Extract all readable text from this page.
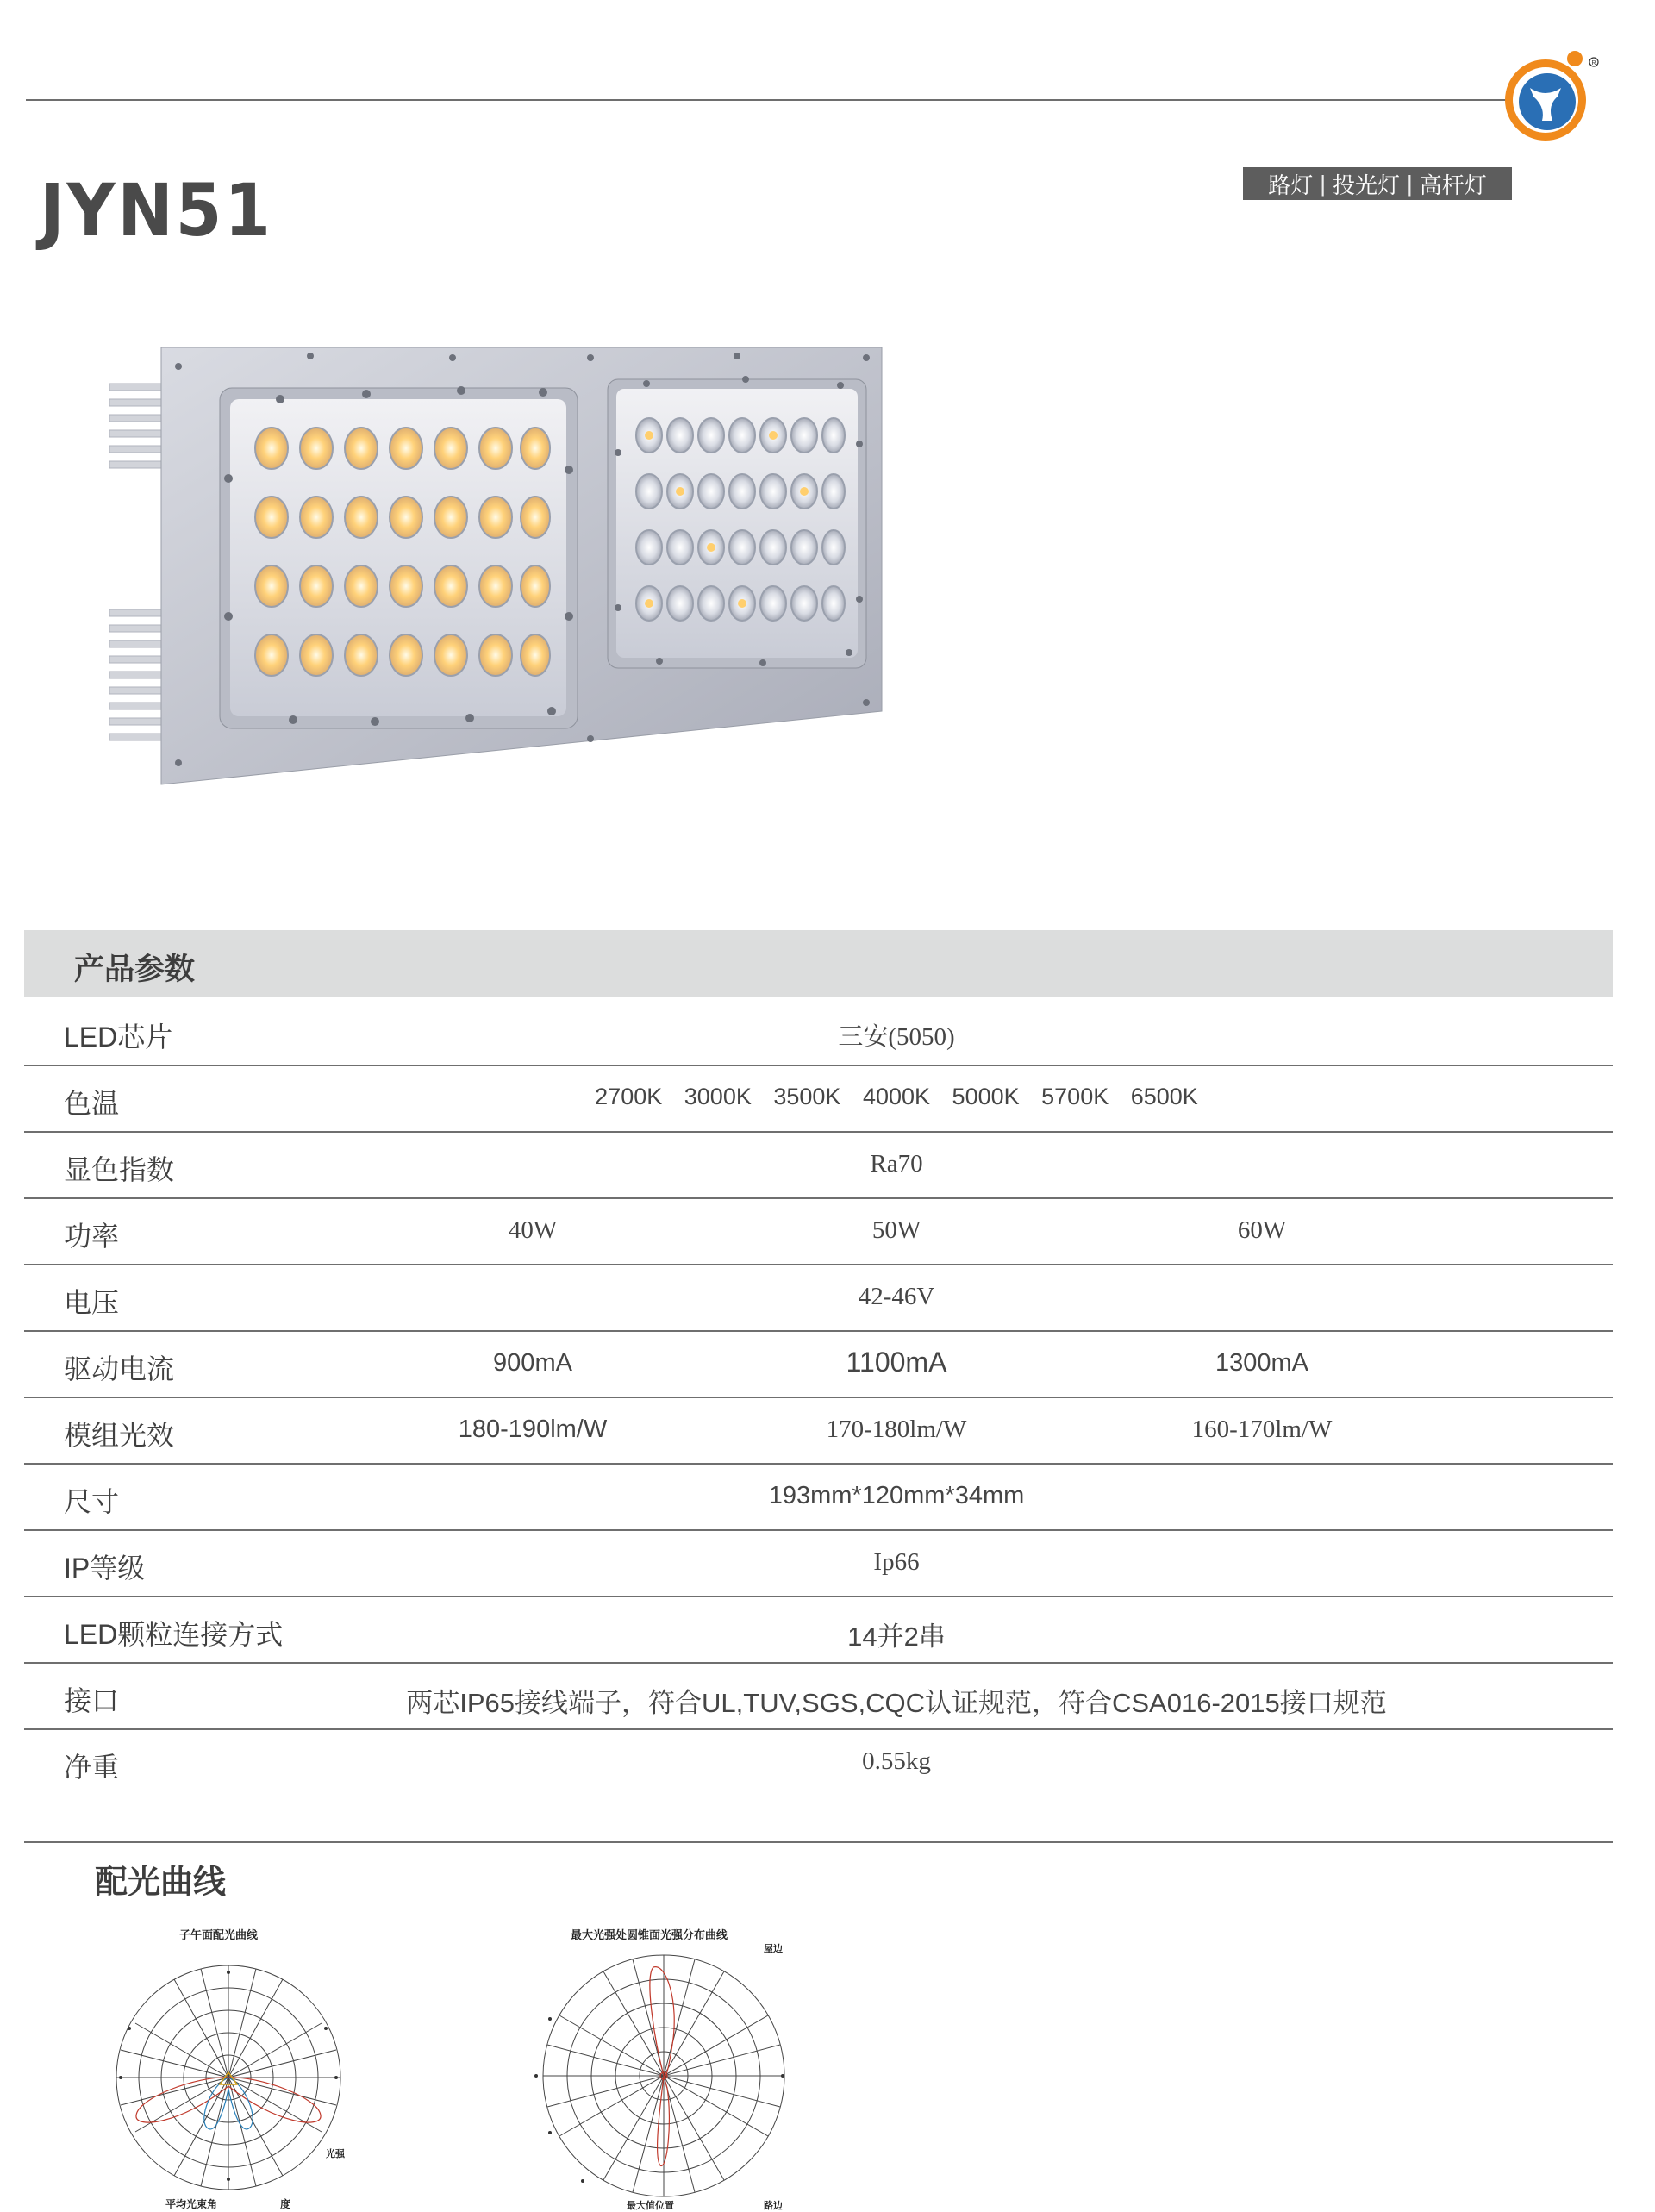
R
路灯 | 投光灯 | 高杆灯
JYN51
产品参数
LED芯片	三安(5050)
色温	2700K 3000K 3500K 4000K 5000K 5700K 6500K
显色指数	Ra70
功率	40W	50W	60W
电压	42-46V
驱动电流	900mA	1100mA	1300mA
模组光效	180-190lm/W	170-180lm/W	160-170lm/W
尺寸	193mm*120mm*34mm
IP等级	Ip66
LED颗粒连接方式	14并2串
接口	两芯IP65接线端子，符合UL,TUV,SGS,CQC认证规范，符合CSA016-2015接口规范
净重	0.55kg
配光曲线
子午面配光曲线
光强
平均光束角	度
最大光强处圆锥面光强分布曲线
屋边
最大值位置	路边
